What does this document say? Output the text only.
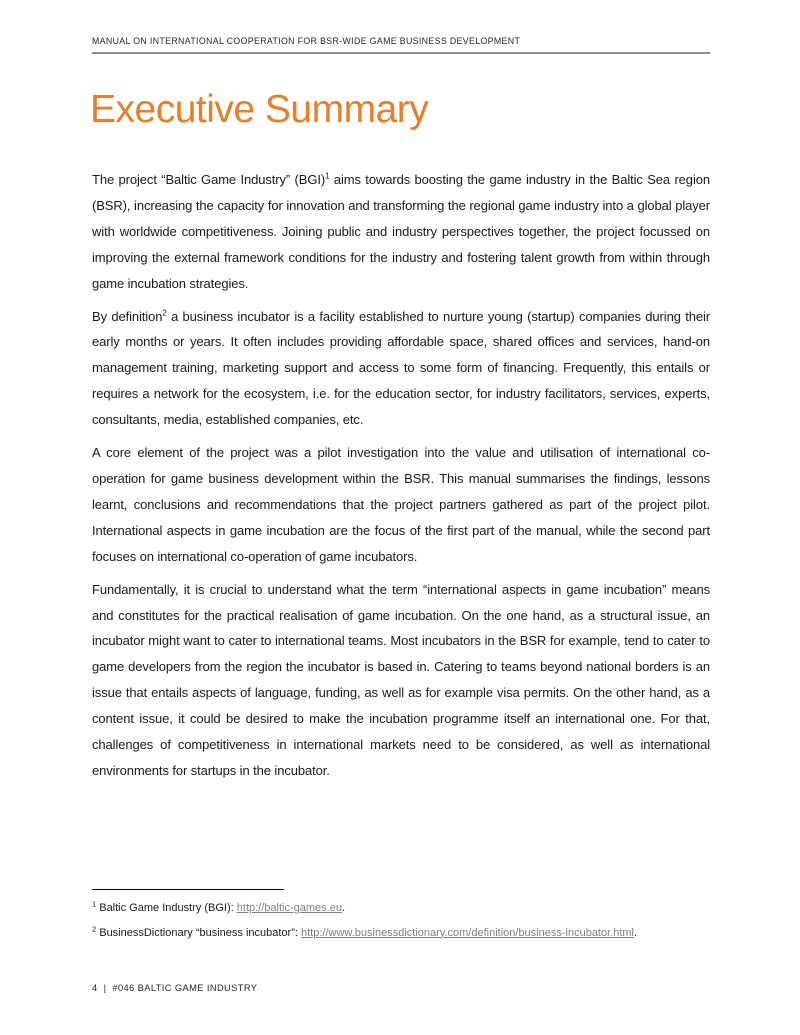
MANUAL ON INTERNATIONAL COOPERATION FOR BSR-WIDE GAME BUSINESS DEVELOPMENT
Executive Summary

The project “Baltic Game Industry” (BGI)$^1$ aims towards boosting the game industry in the Baltic Sea region (BSR), increasing the capacity for innovation and transforming the regional game industry into a global player with worldwide competitiveness. Joining public and industry perspectives together, the project focussed on improving the external framework conditions for the industry and fostering talent growth from within through game incubation strategies.

By definition$^2$ a business incubator is a facility established to nurture young (startup) companies during their early months or years. It often includes providing affordable space, shared offices and services, hand-on management training, marketing support and access to some form of financing. Frequently, this entails or requires a network for the ecosystem, i.e. for the education sector, for industry facilitators, services, experts, consultants, media, established companies, etc.

A core element of the project was a pilot investigation into the value and utilisation of international co-operation for game business development within the BSR. This manual summarises the findings, lessons learnt, conclusions and recommendations that the project partners gathered as part of the project pilot. International aspects in game incubation are the focus of the first part of the manual, while the second part focuses on international co-operation of game incubators.

Fundamentally, it is crucial to understand what the term “international aspects in game incubation” means and constitutes for the practical realisation of game incubation. On the one hand, as a structural issue, an incubator might want to cater to international teams. Most incubators in the BSR for example, tend to cater to game developers from the region the incubator is based in. Catering to teams beyond national borders is an issue that entails aspects of language, funding, as well as for example visa permits. On the other hand, as a content issue, it could be desired to make the incubation programme itself an international one. For that, challenges of competitiveness in international markets need to be considered, as well as international environments for startups in the incubator.

$^1$ Baltic Game Industry (BGI): http://baltic-games.eu.
$^2$ BusinessDictionary “business incubator”: http://www.businessdictionary.com/definition/business-incubator.html.
4 | #046 BALTIC GAME INDUSTRY
